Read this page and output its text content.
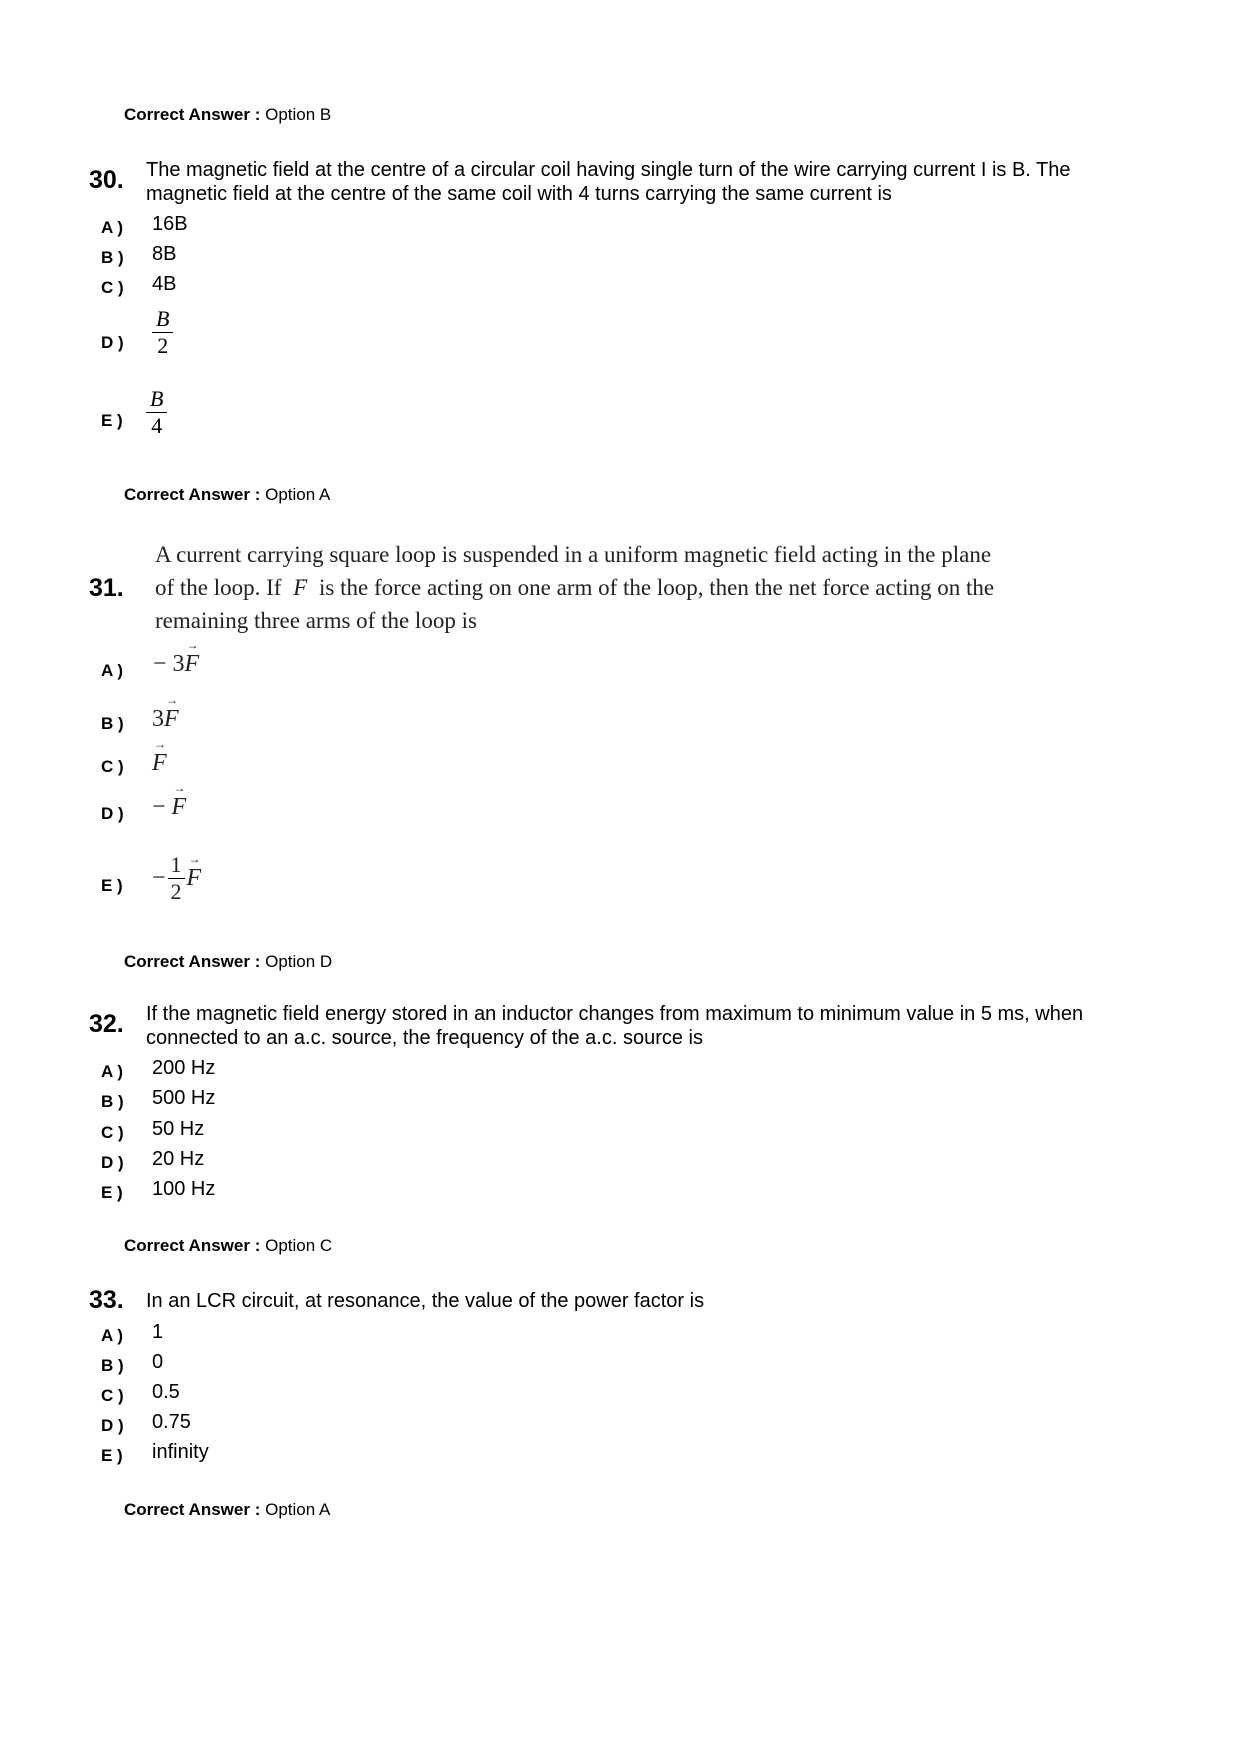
Correct Answer : Option B
30. The magnetic field at the centre of a circular coil having single turn of the wire carrying current I is B. The
magnetic field at the centre of the same coil with 4 turns carrying the same current is
A ) 16B
B ) 8B
C ) 4B
D )
B
2
E )
B
4
Correct Answer : Option A
31.
A current carrying square loop is suspended in a uniform magnetic field acting in the plane
of the loop. If → F is the force acting on one arm of the loop, then the net force acting on the
remaining three arms of the loop is
A ) − 3→ F
B ) 3→ F
C )
→ F
D ) − → F
E ) − $\frac{1}{2}$
→ F
Correct Answer : Option D
32. If the magnetic field energy stored in an inductor changes from maximum to minimum value in 5 ms, when
connected to an a.c. source, the frequency of the a.c. source is
A ) 200 Hz
B ) 500 Hz
C ) 50 Hz
D ) 20 Hz
E ) 100 Hz
Correct Answer : Option C
33. In an LCR circuit, at resonance, the value of the power factor is
A ) 1
B ) 0
C ) 0.5
D ) 0.75
E ) infinity
Correct Answer : Option A
